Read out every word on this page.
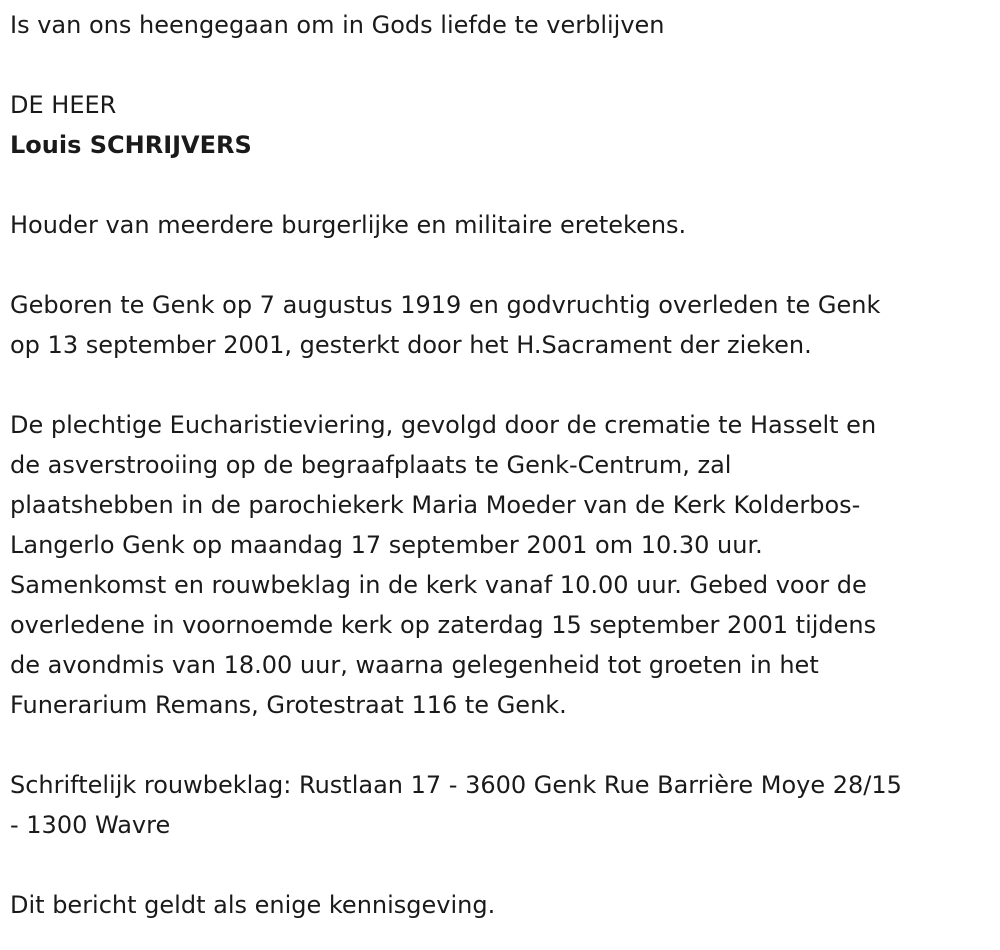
Is van ons heengegaan om in Gods liefde te verblijven
DE HEER
Louis SCHRIJVERS
Houder van meerdere burgerlijke en militaire eretekens.
Geboren te Genk op 7 augustus 1919 en godvruchtig overleden te Genk
op 13 september 2001, gesterkt door het H.Sacrament der zieken.
De plechtige Eucharistieviering, gevolgd door de crematie te Hasselt en
de asverstrooiing op de begraafplaats te Genk-Centrum, zal
plaatshebben in de parochiekerk Maria Moeder van de Kerk Kolderbos-
Langerlo Genk op maandag 17 september 2001 om 10.30 uur.
Samenkomst en rouwbeklag in de kerk vanaf 10.00 uur. Gebed voor de
overledene in voornoemde kerk op zaterdag 15 september 2001 tijdens
de avondmis van 18.00 uur, waarna gelegenheid tot groeten in het
Funerarium Remans, Grotestraat 116 te Genk.
Schriftelijk rouwbeklag: Rustlaan 17 - 3600 Genk Rue Barrière Moye 28/15
- 1300 Wavre
Dit bericht geldt als enige kennisgeving.
